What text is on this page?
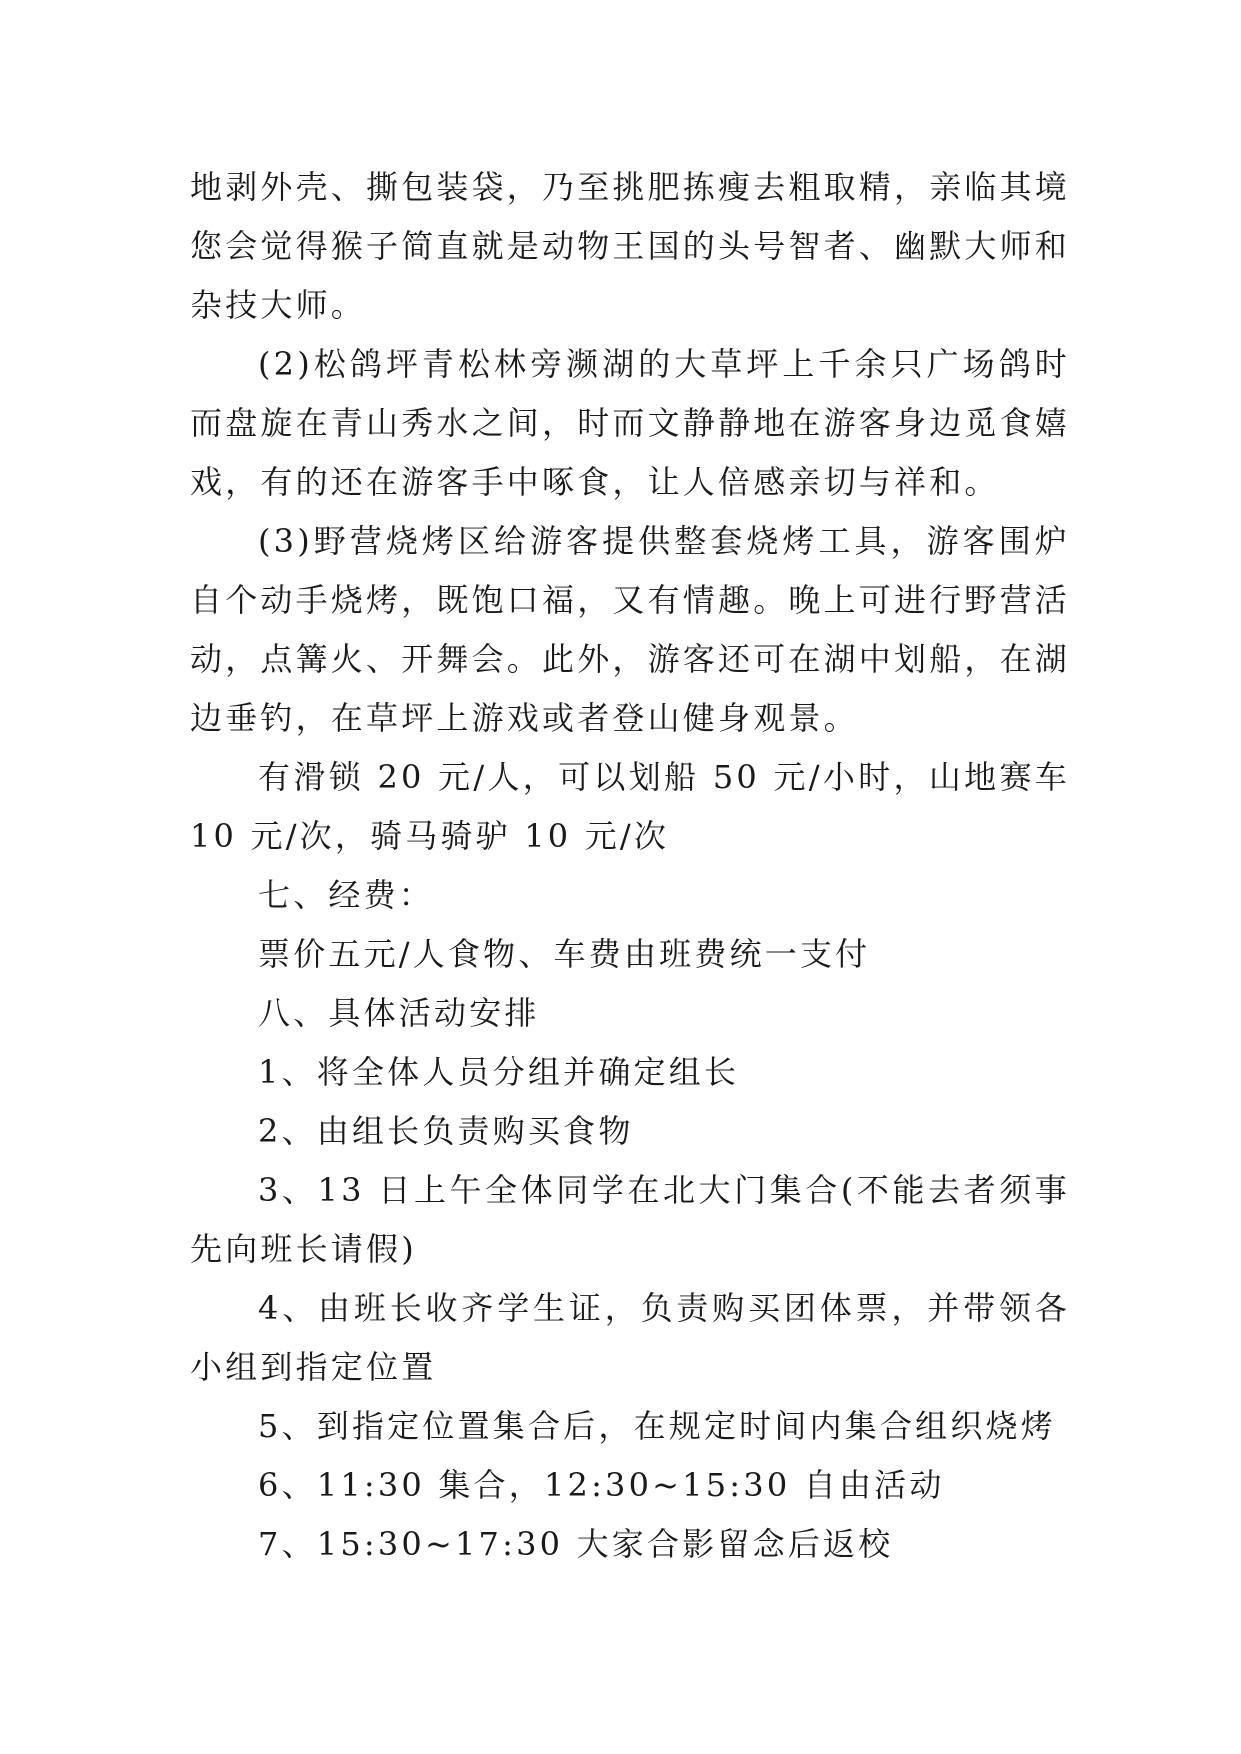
地剥外壳、撕包装袋，乃至挑肥拣瘦去粗取精，亲临其境您会觉得猴子简直就是动物王国的头号智者、幽默大师和杂技大师。

(2)松鸽坪青松林旁濒湖的大草坪上千余只广场鸽时而盘旋在青山秀水之间，时而文静静地在游客身边觅食嬉戏，有的还在游客手中啄食，让人倍感亲切与祥和。

(3)野营烧烤区给游客提供整套烧烤工具，游客围炉自个动手烧烤，既饱口福，又有情趣。晚上可进行野营活动，点篝火、开舞会。此外，游客还可在湖中划船，在湖边垂钓，在草坪上游戏或者登山健身观景。

有滑锁 20 元/人，可以划船 50 元/小时，山地赛车 10 元/次，骑马骑驴 10 元/次

七、经费：

票价五元/人食物、车费由班费统一支付

八、具体活动安排

1、将全体人员分组并确定组长

2、由组长负责购买食物

3、13 日上午全体同学在北大门集合(不能去者须事先向班长请假)

4、由班长收齐学生证，负责购买团体票，并带领各小组到指定位置

5、到指定位置集合后，在规定时间内集合组织烧烤

6、11:30 集合，12:30~15:30 自由活动

7、15:30~17:30 大家合影留念后返校
